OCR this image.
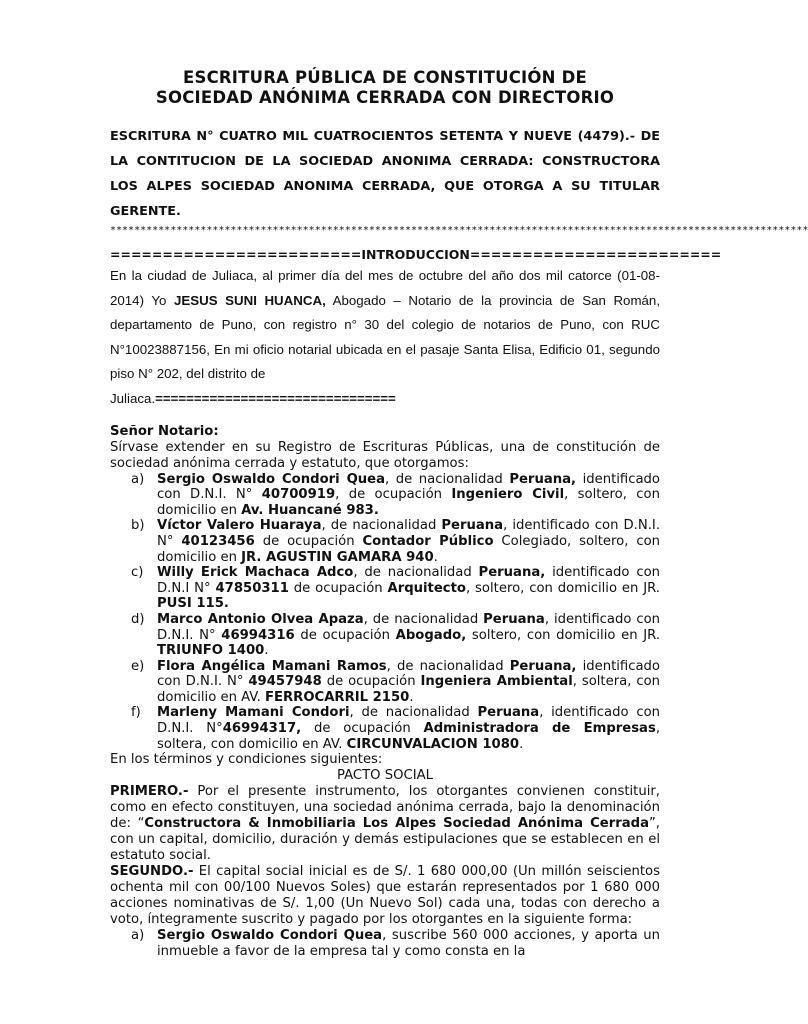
ESCRITURA PÚBLICA DE CONSTITUCIÓN DE
SOCIEDAD ANÓNIMA CERRADA CON DIRECTORIO
ESCRITURA N° CUATRO MIL CUATROCIENTOS SETENTA Y NUEVE (4479).- DE LA CONTITUCION DE LA SOCIEDAD ANONIMA CERRADA: CONSTRUCTORA LOS ALPES SOCIEDAD ANONIMA CERRADA, QUE OTORGA A SU TITULAR GERENTE.
********************************************************************************************************************
========================INTRODUCCION========================
En la ciudad de Juliaca, al primer día del mes de octubre del año dos mil catorce (01-08-2014) Yo JESUS SUNI HUANCA, Abogado – Notario de la provincia de San Román, departamento de Puno, con registro n° 30 del colegio de notarios de Puno, con RUC N°10023887156, En mi oficio notarial ubicada en el pasaje Santa Elisa, Edificio 01, segundo piso N° 202, del distrito de
Juliaca.===============================
Señor Notario:
Sírvase extender en su Registro de Escrituras Públicas, una de constitución de sociedad anónima cerrada y estatuto, que otorgamos:
a) Sergio Oswaldo Condori Quea, de nacionalidad Peruana, identificado con D.N.I. N° 40700919, de ocupación Ingeniero Civil, soltero, con domicilio en Av. Huancané 983.
b) Víctor Valero Huaraya, de nacionalidad Peruana, identificado con D.N.I. N° 40123456 de ocupación Contador Público Colegiado, soltero, con domicilio en JR. AGUSTIN GAMARA 940.
c) Willy Erick Machaca Adco, de nacionalidad Peruana, identificado con D.N.I N° 47850311 de ocupación Arquitecto, soltero, con domicilio en JR. PUSI 115.
d) Marco Antonio Olvea Apaza, de nacionalidad Peruana, identificado con D.N.I. N° 46994316 de ocupación Abogado, soltero, con domicilio en JR. TRIUNFO 1400.
e) Flora Angélica Mamani Ramos, de nacionalidad Peruana, identificado con D.N.I. N° 49457948 de ocupación Ingeniera Ambiental, soltera, con domicilio en AV. FERROCARRIL 2150.
f) Marleny Mamani Condori, de nacionalidad Peruana, identificado con D.N.I. N°46994317, de ocupación Administradora de Empresas, soltera, con domicilio en AV. CIRCUNVALACION 1080.
En los términos y condiciones siguientes:
PACTO SOCIAL
PRIMERO.- Por el presente instrumento, los otorgantes convienen constituir, como en efecto constituyen, una sociedad anónima cerrada, bajo la denominación de: “Constructora & Inmobiliaria Los Alpes Sociedad Anónima Cerrada”, con un capital, domicilio, duración y demás estipulaciones que se establecen en el estatuto social.
SEGUNDO.- El capital social inicial es de S/. 1 680 000,00 (Un millón seiscientos ochenta mil con 00/100 Nuevos Soles) que estarán representados por 1 680 000 acciones nominativas de S/. 1,00 (Un Nuevo Sol) cada una, todas con derecho a voto, íntegramente suscrito y pagado por los otorgantes en la siguiente forma:
a) Sergio Oswaldo Condori Quea, suscribe 560 000 acciones, y aporta un inmueble a favor de la empresa tal y como consta en la
